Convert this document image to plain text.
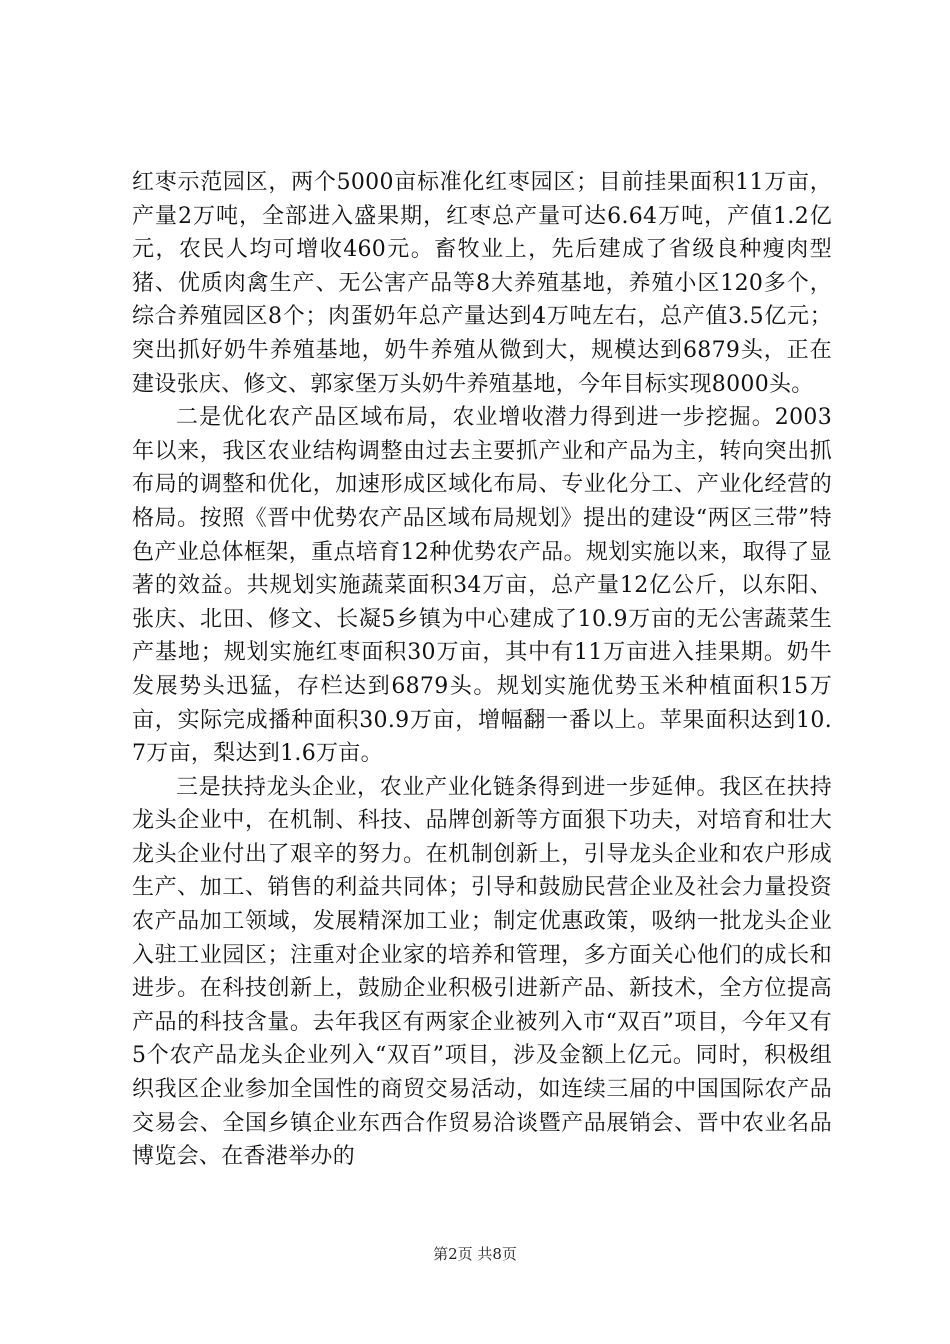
红枣示范园区，两个5000亩标准化红枣园区；目前挂果面积11万亩，产量2万吨，全部进入盛果期，红枣总产量可达6.64万吨，产值1.2亿元，农民人均可增收460元。畜牧业上，先后建成了省级良种瘦肉型猪、优质肉禽生产、无公害产品等8大养殖基地，养殖小区120多个，综合养殖园区8个；肉蛋奶年总产量达到4万吨左右，总产值3.5亿元；突出抓好奶牛养殖基地，奶牛养殖从微到大，规模达到6879头，正在建设张庆、修文、郭家堡万头奶牛养殖基地，今年目标实现8000头。

二是优化农产品区域布局，农业增收潜力得到进一步挖掘。2003年以来，我区农业结构调整由过去主要抓产业和产品为主，转向突出抓布局的调整和优化，加速形成区域化布局、专业化分工、产业化经营的格局。按照《晋中优势农产品区域布局规划》提出的建设“两区三带”特色产业总体框架，重点培育12种优势农产品。规划实施以来，取得了显著的效益。共规划实施蔬菜面积34万亩，总产量12亿公斤，以东阳、张庆、北田、修文、长凝5乡镇为中心建成了10.9万亩的无公害蔬菜生产基地；规划实施红枣面积30万亩，其中有11万亩进入挂果期。奶牛发展势头迅猛，存栏达到6879头。规划实施优势玉米种植面积15万亩，实际完成播种面积30.9万亩，增幅翻一番以上。苹果面积达到10.7万亩，梨达到1.6万亩。

三是扶持龙头企业，农业产业化链条得到进一步延伸。我区在扶持龙头企业中，在机制、科技、品牌创新等方面狠下功夫，对培育和壮大龙头企业付出了艰辛的努力。在机制创新上，引导龙头企业和农户形成生产、加工、销售的利益共同体；引导和鼓励民营企业及社会力量投资农产品加工领域，发展精深加工业；制定优惠政策，吸纳一批龙头企业入驻工业园区；注重对企业家的培养和管理，多方面关心他们的成长和进步。在科技创新上，鼓励企业积极引进新产品、新技术，全方位提高产品的科技含量。去年我区有两家企业被列入市“双百”项目，今年又有5个农产品龙头企业列入“双百”项目，涉及金额上亿元。同时，积极组织我区企业参加全国性的商贸交易活动，如连续三届的中国国际农产品交易会、全国乡镇企业东西合作贸易洽谈暨产品展销会、晋中农业名品博览会、在香港举办的

第2页 共8页
